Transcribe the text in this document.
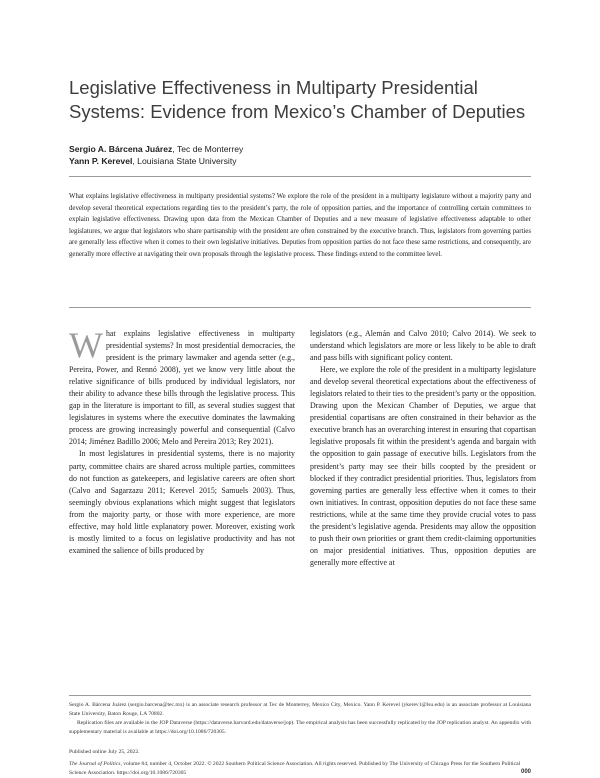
Legislative Effectiveness in Multiparty Presidential Systems: Evidence from Mexico’s Chamber of Deputies
Sergio A. Bárcena Juárez, Tec de Monterrey
Yann P. Kerevel, Louisiana State University

What explains legislative effectiveness in multiparty presidential systems? We explore the role of the president in a multiparty legislature without a majority party and develop several theoretical expectations regarding ties to the president’s party, the role of opposition parties, and the importance of controlling certain committees to explain legislative effectiveness. Drawing upon data from the Mexican Chamber of Deputies and a new measure of legislative effectiveness adaptable to other legislatures, we argue that legislators who share partisanship with the president are often constrained by the executive branch. Thus, legislators from governing parties are generally less effective when it comes to their own legislative initiatives. Deputies from opposition parties do not face these same restrictions, and consequently, are generally more effective at navigating their own proposals through the legislative process. These findings extend to the committee level.

What explains legislative effectiveness in multiparty presidential systems? In most presidential democracies, the president is the primary lawmaker and agenda setter (e.g., Pereira, Power, and Rennó 2008), yet we know very little about the relative significance of bills produced by individual legislators, nor their ability to advance these bills through the legislative process. This gap in the literature is important to fill, as several studies suggest that legislatures in systems where the executive dominates the lawmaking process are growing increasingly powerful and consequential (Calvo 2014; Jiménez Badillo 2006; Melo and Pereira 2013; Rey 2021).

In most legislatures in presidential systems, there is no majority party, committee chairs are shared across multiple parties, committees do not function as gatekeepers, and legislative careers are often short (Calvo and Sagarzazu 2011; Kerevel 2015; Samuels 2003). Thus, seemingly obvious explanations which might suggest that legislators from the majority party, or those with more experience, are more effective, may hold little explanatory power. Moreover, existing work is mostly limited to a focus on legislative productivity and has not examined the salience of bills produced by

legislators (e.g., Alemán and Calvo 2010; Calvo 2014). We seek to understand which legislators are more or less likely to be able to draft and pass bills with significant policy content.

Here, we explore the role of the president in a multiparty legislature and develop several theoretical expectations about the effectiveness of legislators related to their ties to the president’s party or the opposition. Drawing upon the Mexican Chamber of Deputies, we argue that presidential copartisans are often constrained in their behavior as the executive branch has an overarching interest in ensuring that copartisan legislative proposals fit within the president’s agenda and bargain with the opposition to gain passage of executive bills. Legislators from the president’s party may see their bills coopted by the president or blocked if they contradict presidential priorities. Thus, legislators from governing parties are generally less effective when it comes to their own initiatives. In contrast, opposition deputies do not face these same restrictions, while at the same time they provide crucial votes to pass the president’s legislative agenda. Presidents may allow the opposition to push their own priorities or grant them credit-claiming opportunities on major presidential initiatives. Thus, opposition deputies are generally more effective at

Sergio A. Bárcena Juárez (sergio.barcena@tec.mx) is an associate research professor at Tec de Monterrey, Mexico City, Mexico. Yann P. Kerevel (ykerev1@lsu.edu) is an associate professor at Louisiana State University, Baton Rouge, LA 70802.

Replication files are available in the JOP Dataverse (https://dataverse.harvard.edu/dataverse/jop). The empirical analysis has been successfully replicated by the JOP replication analyst. An appendix with supplementary material is available at https://doi.org/10.1086/720305.

Published online July 25, 2022.
The Journal of Politics, volume 84, number 4, October 2022. © 2022 Southern Political Science Association. All rights reserved. Published by The University of Chicago Press for the Southern Political Science Association. https://doi.org/10.1086/720305	000
